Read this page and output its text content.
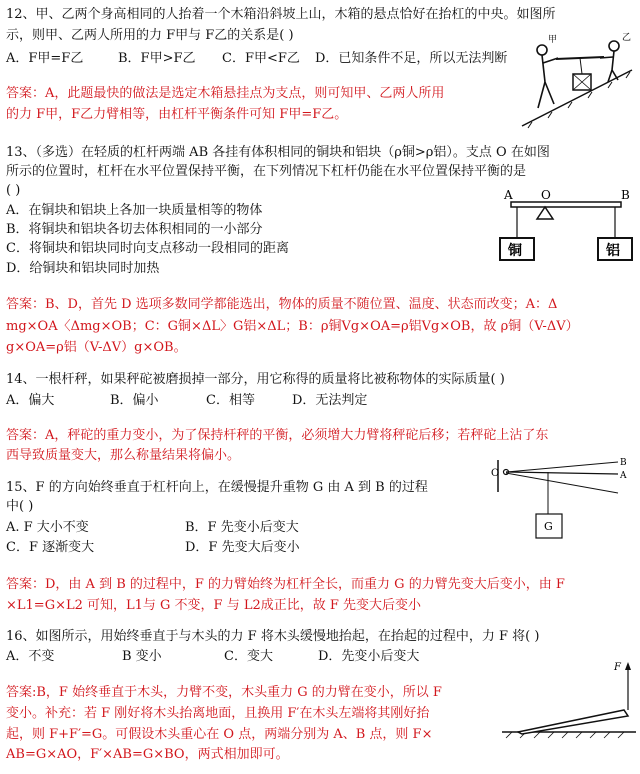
12、甲、乙两个身高相同的人抬着一个木箱沿斜坡上山，木箱的悬点恰好在抬杠的中央。如图所
示，则甲、乙两人所用的力 F甲与 F乙的关系是( )
A．F甲=F乙	B．F甲>F乙 C．F甲<F乙 D．已知条件不足，所以无法判断
答案：A，此题最快的做法是选定木箱悬挂点为支点，则可知甲、乙两人所用
的力 F甲，F乙力臂相等，由杠杆平衡条件可知 F甲=F乙。
甲	乙
13、（多选）在轻质的杠杆两端 AB 各挂有体积相同的铜块和铝块（ρ铜>ρ铝）。支点 O 在如图
所示的位置时，杠杆在水平位置保持平衡，在下列情况下杠杆仍能在水平位置保持平衡的是
( )
A．在铜块和铝块上各加一块质量相等的物体
B．将铜块和铝块各切去体积相同的一小部分
C．将铜块和铝块同时向支点移动一段相同的距离
D．给铜块和铝块同时加热
A O	B
铜	铝
答案：B、D，首先 D 选项多数同学都能选出，物体的质量不随位置、温度、状态而改变；A：Δ
mg×OA〈Δmg×OB；C：G铜×ΔL〉G铝×ΔL；B：ρ铜Vg×OA=ρ铝Vg×OB，故 ρ铜（V-ΔV）
g×OA=ρ铝（V-ΔV）g×OB。
14、一根杆秤，如果秤砣被磨损掉一部分，用它称得的质量将比被称物体的实际质量( )
A．偏大	B．偏小	C．相等	D．无法判定
答案：A，秤砣的重力变小，为了保持杆秤的平衡，必须增大力臂将秤砣后移；若秤砣上沾了东
西导致质量变大，那么称量结果将偏小。
15、F 的方向始终垂直于杠杆向上，在缓慢提升重物 G 由 A 到 B 的过程
中( )
A. F 大小不变	B．F 先变小后变大
C．F 逐渐变大	D．F 先变大后变小
O
B
A
G
答案：D，由 A 到 B 的过程中，F 的力臂始终为杠杆全长，而重力 G 的力臂先变大后变小，由 F
×L1=G×L2 可知，L1与 G 不变，F 与 L2成正比，故 F 先变大后变小
16、如图所示，用始终垂直于与木头的力 F 将木头缓慢地抬起，在抬起的过程中，力 F 将( )
A．不变	B 变小	C．变大	D．先变小后变大
答案:B，F 始终垂直于木头，力臂不变，木头重力 G 的力臂在变小，所以 F
变小。补充：若 F 刚好将木头抬离地面，且换用 F′在木头左端将其刚好抬
起，则 F+F′=G。可假设木头重心在 O 点，两端分别为 A、B 点，则 F×
AB=G×AO，F′×AB=G×BO，两式相加即可。
F
